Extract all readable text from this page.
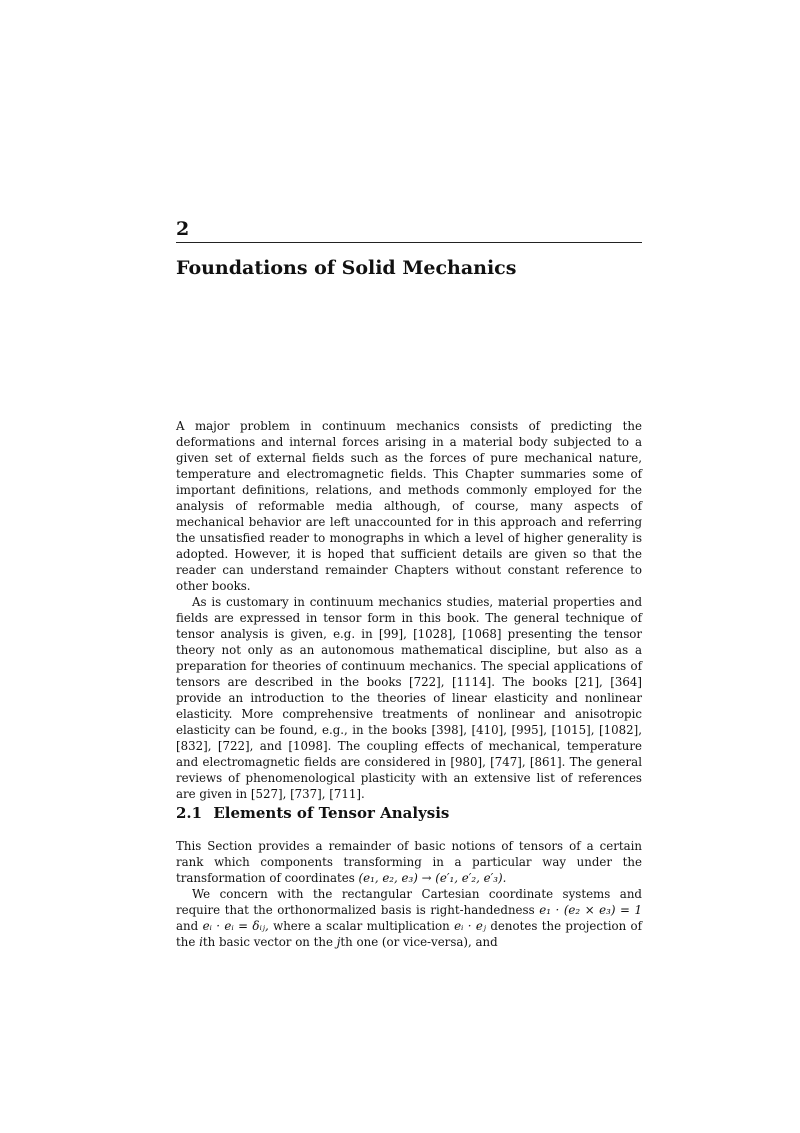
2
Foundations of Solid Mechanics

A major problem in continuum mechanics consists of predicting the deformations and internal forces arising in a material body subjected to a given set of external fields such as the forces of pure mechanical nature, temperature and electromagnetic fields. This Chapter summaries some of important definitions, relations, and methods commonly employed for the analysis of reformable media although, of course, many aspects of mechanical behavior are left unaccounted for in this approach and referring the unsatisfied reader to monographs in which a level of higher generality is adopted. However, it is hoped that sufficient details are given so that the reader can understand remainder Chapters without constant reference to other books.

As is customary in continuum mechanics studies, material properties and fields are expressed in tensor form in this book. The general technique of tensor analysis is given, e.g. in [99], [1028], [1068] presenting the tensor theory not only as an autonomous mathematical discipline, but also as a preparation for theories of continuum mechanics. The special applications of tensors are described in the books [722], [1114]. The books [21], [364] provide an introduction to the theories of linear elasticity and nonlinear elasticity. More comprehensive treatments of nonlinear and anisotropic elasticity can be found, e.g., in the books [398], [410], [995], [1015], [1082], [832], [722], and [1098]. The coupling effects of mechanical, temperature and electromagnetic fields are considered in [980], [747], [861]. The general reviews of phenomenological plasticity with an extensive list of references are given in [527], [737], [711].

2.1 Elements of Tensor Analysis

This Section provides a remainder of basic notions of tensors of a certain rank which components transforming in a particular way under the transformation of coordinates (e₁, e₂, e₃) → (e′₁, e′₂, e′₃).

We concern with the rectangular Cartesian coordinate systems and require that the orthonormalized basis is right-handedness e₁ · (e₂ × e₃) = 1 and eᵢ · eᵢ = δᵢⱼ, where a scalar multiplication eᵢ · eⱼ denotes the projection of the ith basic vector on the jth one (or vice-versa), and
